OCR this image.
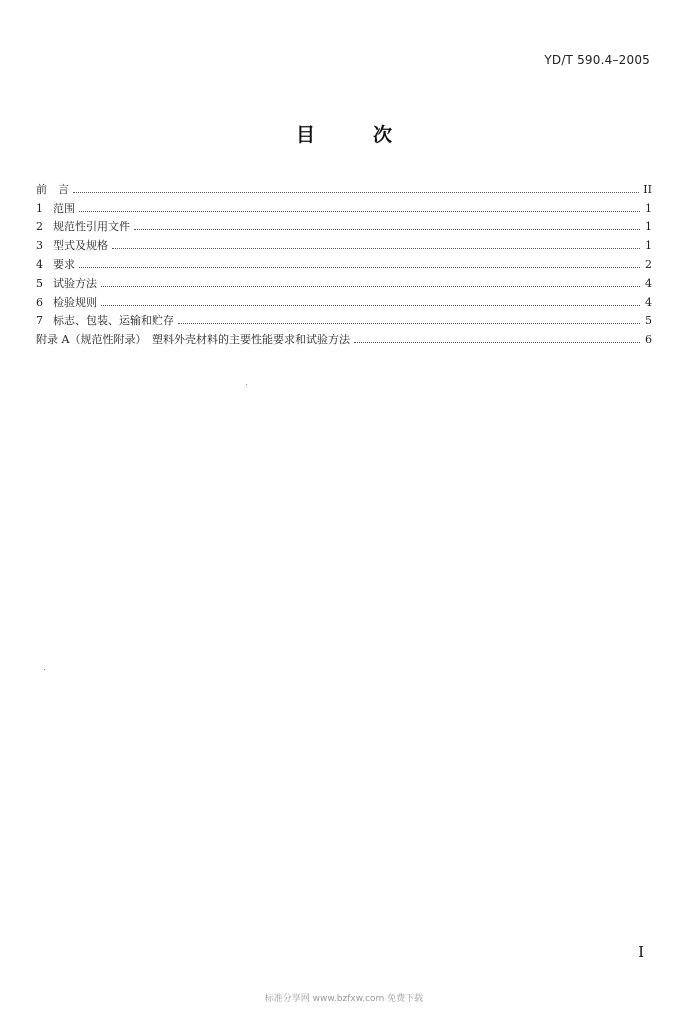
YD/T 590.4–2005
目	次
前　言	II
1 范围	1
2 规范性引用文件	1
3 型式及规格	1
4 要求	2
5 试验方法	4
6 检验规则	4
7 标志、包装、运输和贮存	5
附录 A（规范性附录）　塑料外壳材料的主要性能要求和试验方法	6
I
标准分享网 www.bzfxw.com 免费下载
